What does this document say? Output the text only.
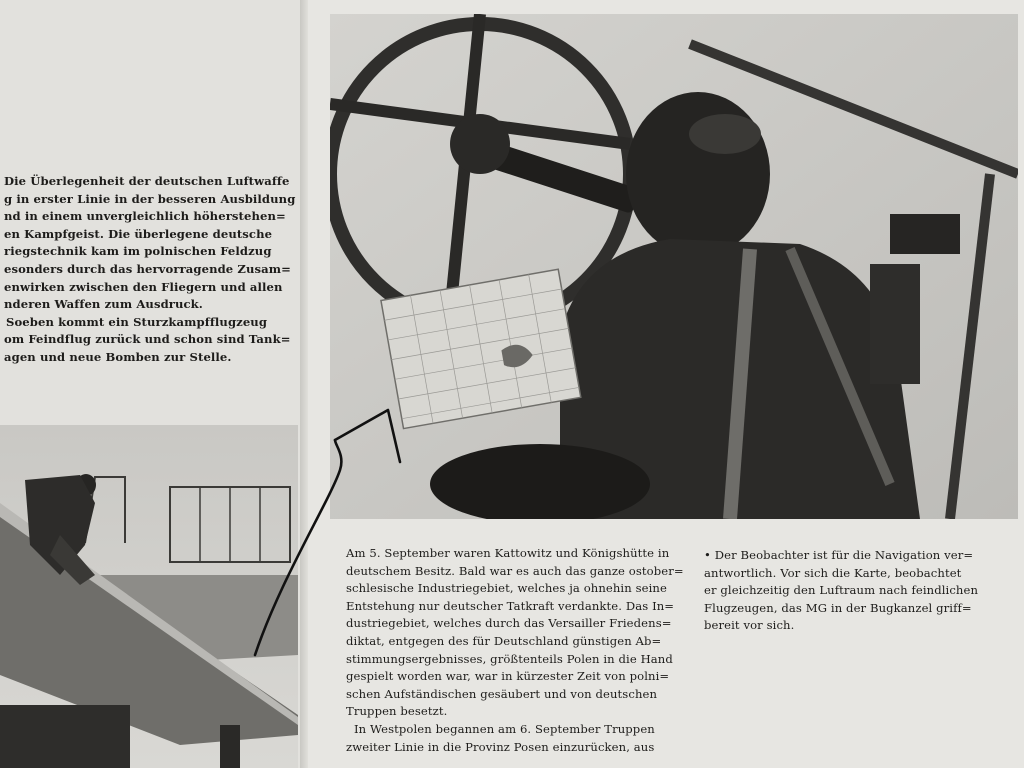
Die Überlegenheit der deutschen Luftwaffe
g in erster Linie in der besseren Ausbildung
nd in einem unvergleichlich höherstehen=
en Kampfgeist. Die überlegene deutsche
riegstechnik kam im polnischen Feldzug
esonders durch das hervorragende Zusam=
enwirken zwischen den Fliegern und allen
nderen Waffen zum Ausdruck.
Soeben kommt ein Sturzkampfflugzeug
om Feindflug zurück und schon sind Tank=
agen und neue Bomben zur Stelle.
Am 5. September waren Kattowitz und Königshütte in
deutschem Besitz. Bald war es auch das ganze ostober=
schlesische Industriegebiet, welches ja ohnehin seine
Entstehung nur deutscher Tatkraft verdankte. Das In=
dustriegebiet, welches durch das Versailler Friedens=
diktat, entgegen des für Deutschland günstigen Ab=
stimmungsergebnisses, größtenteils Polen in die Hand
gespielt worden war, war in kürzester Zeit von polni=
schen Aufständischen gesäubert und von deutschen
Truppen besetzt.
In Westpolen begannen am 6. September Truppen
zweiter Linie in die Provinz Posen einzurücken, aus
• Der Beobachter ist für die Navigation ver=
antwortlich. Vor sich die Karte, beobachtet
er gleichzeitig den Luftraum nach feindlichen
Flugzeugen, das MG in der Bugkanzel griff=
bereit vor sich.
